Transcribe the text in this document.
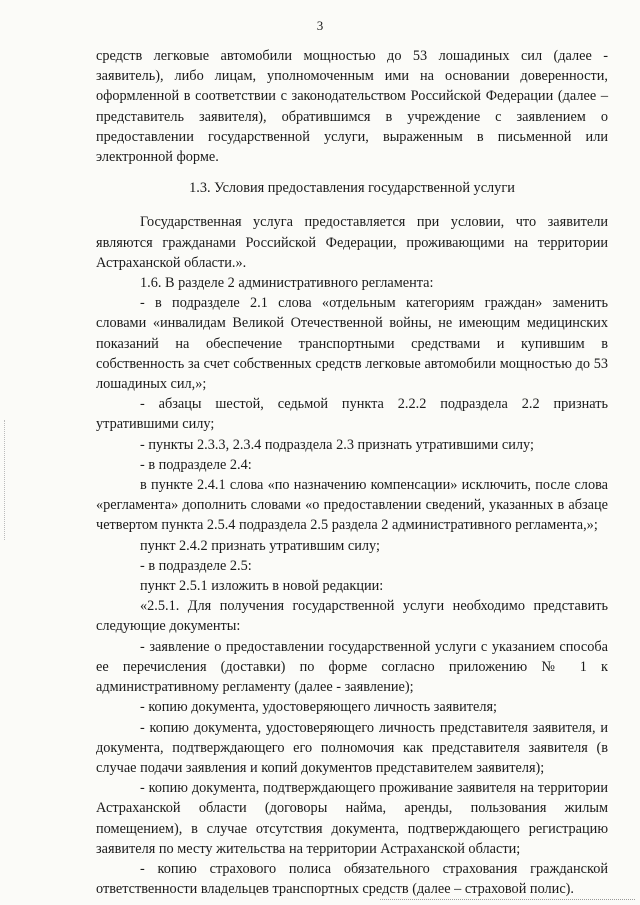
3

средств легковые автомобили мощностью до 53 лошадиных сил (далее - заявитель), либо лицам, уполномоченным ими на основании доверенности, оформленной в соответствии с законодательством Российской Федерации (далее – представитель заявителя), обратившимся в учреждение с заявлением о предоставлении государственной услуги, выраженным в письменной или электронной форме.

1.3. Условия предоставления государственной услуги

Государственная услуга предоставляется при условии, что заявители являются гражданами Российской Федерации, проживающими на территории Астраханской области.».

1.6. В разделе 2 административного регламента:

- в подразделе 2.1 слова «отдельным категориям граждан» заменить словами «инвалидам Великой Отечественной войны, не имеющим медицинских показаний на обеспечение транспортными средствами и купившим в собственность за счет собственных средств легковые автомобили мощностью до 53 лошадиных сил,»;

- абзацы шестой, седьмой пункта 2.2.2 подраздела 2.2 признать утратившими силу;

- пункты 2.3.3, 2.3.4 подраздела 2.3 признать утратившими силу;

- в подразделе 2.4:

в пункте 2.4.1 слова «по назначению компенсации» исключить, после слова «регламента» дополнить словами «о предоставлении сведений, указанных в абзаце четвертом пункта 2.5.4 подраздела 2.5 раздела 2 административного регламента,»;

пункт 2.4.2 признать утратившим силу;

- в подразделе 2.5:

пункт 2.5.1 изложить в новой редакции:

«2.5.1. Для получения государственной услуги необходимо представить следующие документы:

- заявление о предоставлении государственной услуги с указанием способа ее перечисления (доставки) по форме согласно приложению № 1 к административному регламенту (далее - заявление);

- копию документа, удостоверяющего личность заявителя;

- копию документа, удостоверяющего личность представителя заявителя, и документа, подтверждающего его полномочия как представителя заявителя (в случае подачи заявления и копий документов представителем заявителя);

- копию документа, подтверждающего проживание заявителя на территории Астраханской области (договоры найма, аренды, пользования жилым помещением), в случае отсутствия документа, подтверждающего регистрацию заявителя по месту жительства на территории Астраханской области;

- копию страхового полиса обязательного страхования гражданской ответственности владельцев транспортных средств (далее – страховой полис).
